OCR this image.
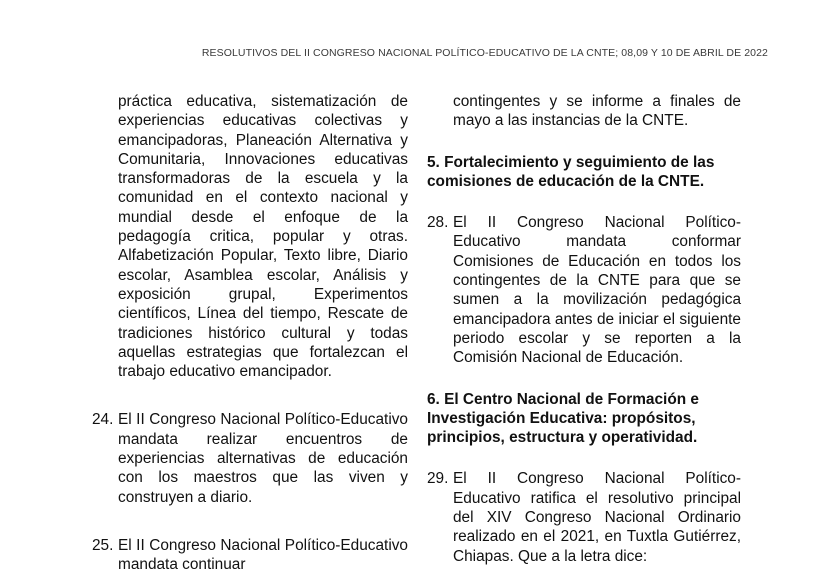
RESOLUTIVOS DEL II CONGRESO NACIONAL POLÍTICO-EDUCATIVO DE LA CNTE; 08,09 Y 10 DE ABRIL DE 2022

práctica educativa, sistematización de experiencias educativas colectivas y emancipadoras, Planeación Alternativa y Comunitaria, Innovaciones educativas transformadoras de la escuela y la comunidad en el contexto nacional y mundial desde el enfoque de la pedagogía critica, popular y otras. Alfabetización Popular, Texto libre, Diario escolar, Asamblea escolar, Análisis y exposición grupal, Experimentos científicos, Línea del tiempo, Rescate de tradiciones histórico cultural y todas aquellas estrategias que fortalezcan el trabajo educativo emancipador.

24. El II Congreso Nacional Político-Educativo mandata realizar encuentros de experiencias alternativas de educación con los maestros que las viven y construyen a diario.
25. El II Congreso Nacional Político-Educativo mandata continuar

contingentes y se informe a finales de mayo a las instancias de la CNTE.

5. Fortalecimiento y seguimiento de las comisiones de educación de la CNTE.

28. El II Congreso Nacional Político-Educativo mandata conformar Comisiones de Educación en todos los contingentes de la CNTE para que se sumen a la movilización pedagógica emancipadora antes de iniciar el siguiente periodo escolar y se reporten a la Comisión Nacional de Educación.

6. El Centro Nacional de Formación e Investigación Educativa: propósitos, principios, estructura y operatividad.

29. El II Congreso Nacional Político-Educativo ratifica el resolutivo principal del XIV Congreso Nacional Ordinario realizado en el 2021, en Tuxtla Gutiérrez, Chiapas. Que a la letra dice:
